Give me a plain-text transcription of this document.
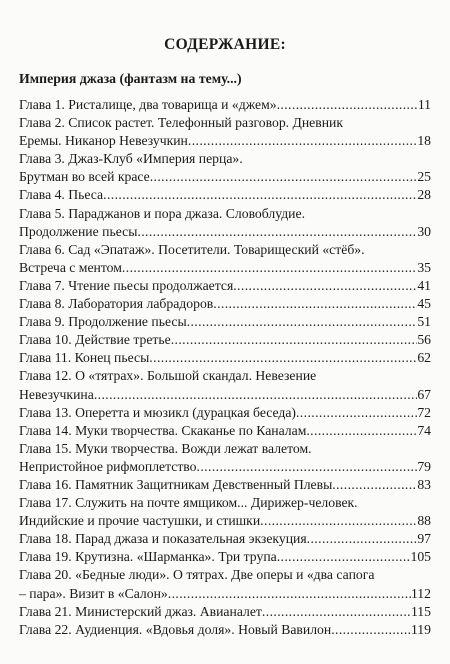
СОДЕРЖАНИЕ:
Империя джаза (фантазм на тему...)
Глава 1. Ристалище, два товарища и «джем» .....	11
Глава 2. Список растет. Телефонный разговор. Дневник
Еремы. Никанор Невезучкин .....	18
Глава 3. Джаз-Клуб «Империя перца».
Брутман во всей красе .....	25
Глава 4. Пьеса .....	28
Глава 5. Параджанов и пора джаза. Словоблудие.
Продолжение пьесы .....	30
Глава 6. Сад «Эпатаж». Посетители. Товарищеский «стёб».
Встреча с ментом .....	35
Глава 7. Чтение пьесы продолжается .....	41
Глава 8. Лаборатория лабрадоров .....	45
Глава 9. Продолжение пьесы .....	51
Глава 10. Действие третье .....	56
Глава 11. Конец пьесы .....	62
Глава 12. О «тятрах». Большой скандал. Невезение
Невезучкина .....	67
Глава 13. Оперетта и мюзикл (дурацкая беседа) .....	72
Глава 14. Муки творчества. Скаканье по Каналам .....	74
Глава 15. Муки творчества. Вожди лежат валетом.
Непристойное рифмоплетство .....	79
Глава 16. Памятник Защитникам Девственный Плевы .....	83
Глава 17. Служить на почте ямщиком... Дирижер-человек.
Индийские и прочие частушки, и стишки .....	88
Глава 18. Парад джаза и показательная экзекуция .....	97
Глава 19. Крутизна. «Шарманка». Три трупа .....	105
Глава 20. «Бедные люди». О тятрах. Две оперы и «два сапога
– пара». Визит в «Салон» .....	112
Глава 21. Министерский джаз. Авианалет .....	115
Глава 22. Аудиенция. «Вдовья доля». Новый Вавилон .....	119
